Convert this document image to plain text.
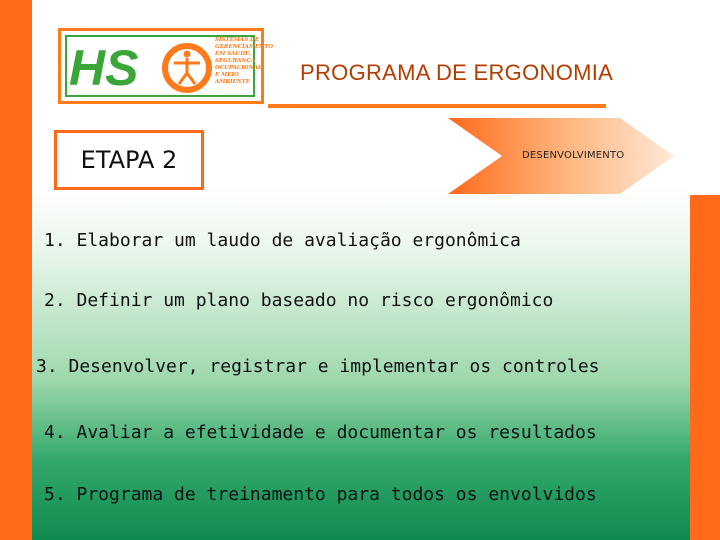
HS	SISTEMAS DE GERENCIAMENTO EM SAÚDE, SEGURANÇA OCUPACIONAL E MEIO AMBIENTE	PROGRAMA DE ERGONOMIA
ETAPA 2	DESENVOLVIMENTO
1. Elaborar um laudo de avaliação ergonômica
2. Definir um plano baseado no risco ergonômico
3. Desenvolver, registrar e implementar os controles
4. Avaliar a efetividade e documentar os resultados
5. Programa de treinamento para todos os envolvidos
